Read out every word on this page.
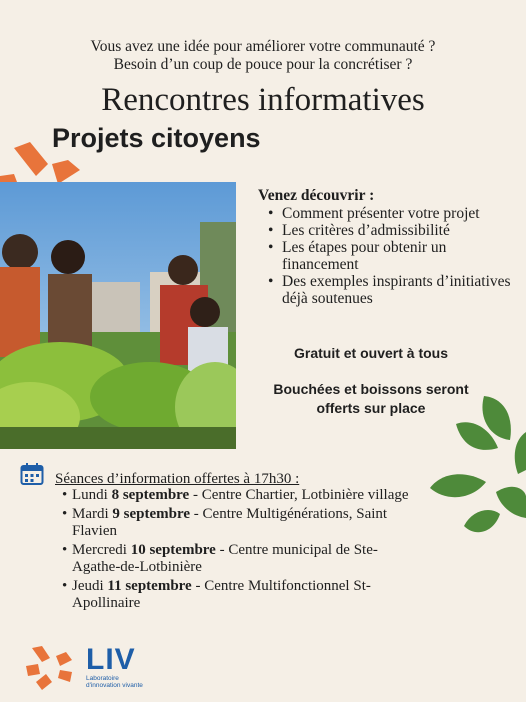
Vous avez une idée pour améliorer votre communauté ?
Besoin d’un coup de pouce pour la concrétiser ?
Rencontres informatives
Projets citoyens
Venez découvrir :
• Comment présenter votre projet
• Les critères d’admissibilité
• Les étapes pour obtenir un financement
• Des exemples inspirants d’initiatives déjà soutenues
Gratuit et ouvert à tous
Bouchées et boissons seront offerts sur place
Séances d’information offertes à 17h30 :
• Lundi 8 septembre - Centre Chartier, Lotbinière village
• Mardi 9 septembre - Centre Multigénérations, Saint Flavien
• Mercredi 10 septembre - Centre municipal de Ste-Agathe-de-Lotbinière
• Jeudi 11 septembre - Centre Multifonctionnel St-Apollinaire
LIV
Laboratoire
d'innovation vivante
